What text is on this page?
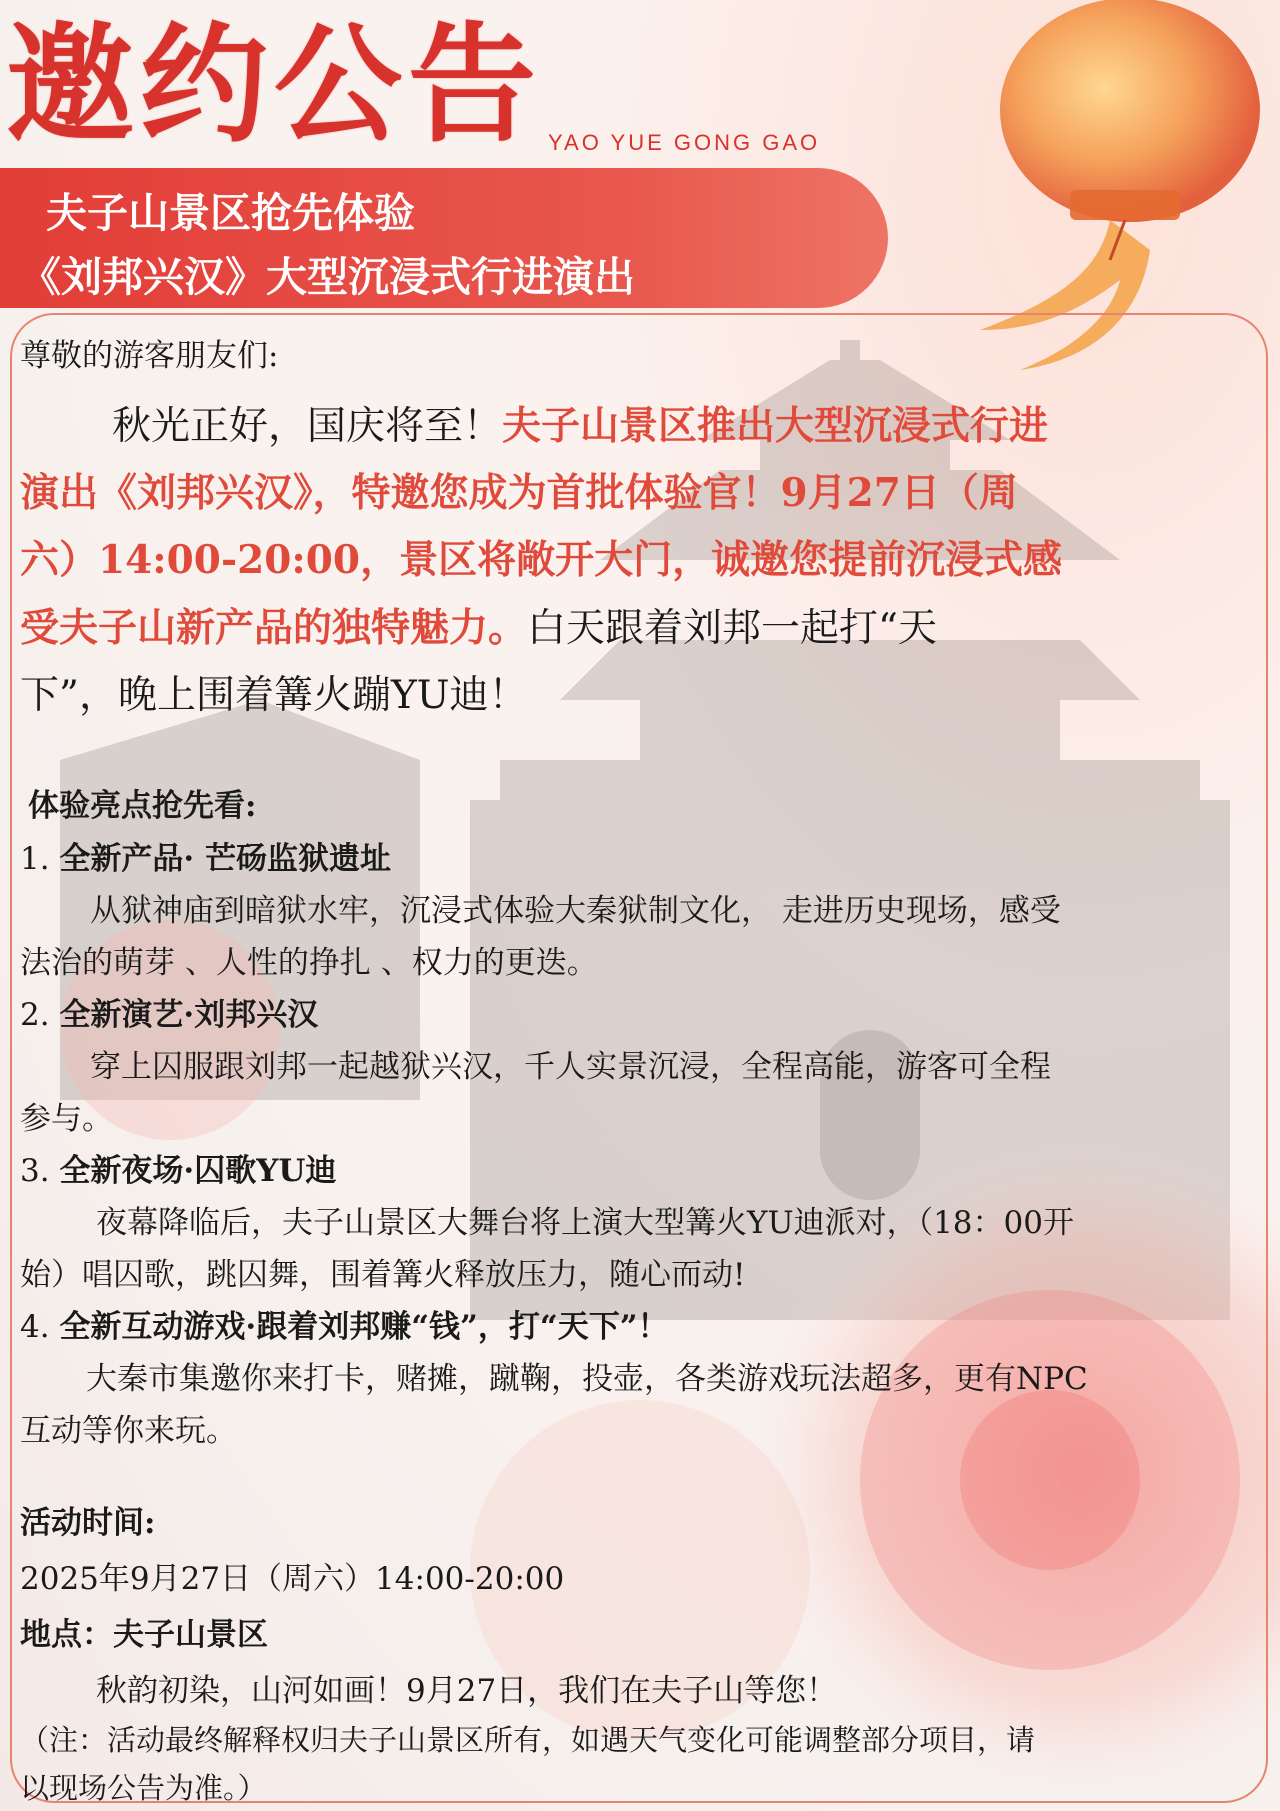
邀约公告 YAO YUE GONG GAO
夫子山景区抢先体验
《刘邦兴汉》大型沉浸式行进演出
尊敬的游客朋友们:
秋光正好，国庆将至！夫子山景区推出大型沉浸式行进
演出《刘邦兴汉》，特邀您成为首批体验官！9月27日（周
六）14:00-20:00，景区将敞开大门，诚邀您提前沉浸式感
受夫子山新产品的独特魅力。白天跟着刘邦一起打“天
下”，晚上围着篝火蹦YU迪！
体验亮点抢先看:
1. 全新产品· 芒砀监狱遗址
从狱神庙到暗狱水牢，沉浸式体验大秦狱制文化， 走进历史现场，感受
法治的萌芽 、人性的挣扎 、权力的更迭。
2. 全新演艺·刘邦兴汉
穿上囚服跟刘邦一起越狱兴汉，千人实景沉浸，全程高能，游客可全程
参与。
3. 全新夜场·囚歌YU迪
夜幕降临后，夫子山景区大舞台将上演大型篝火YU迪派对，（18：00开
始）唱囚歌，跳囚舞，围着篝火释放压力，随心而动!
4. 全新互动游戏·跟着刘邦赚“钱”，打“天下”！
大秦市集邀你来打卡，赌摊，蹴鞠，投壶，各类游戏玩法超多，更有NPC
互动等你来玩。
活动时间:
2025年9月27日（周六）14:00-20:00
地点：夫子山景区
秋韵初染，山河如画！9月27日，我们在夫子山等您！
（注：活动最终解释权归夫子山景区所有，如遇天气变化可能调整部分项目，请
以现场公告为准。）
